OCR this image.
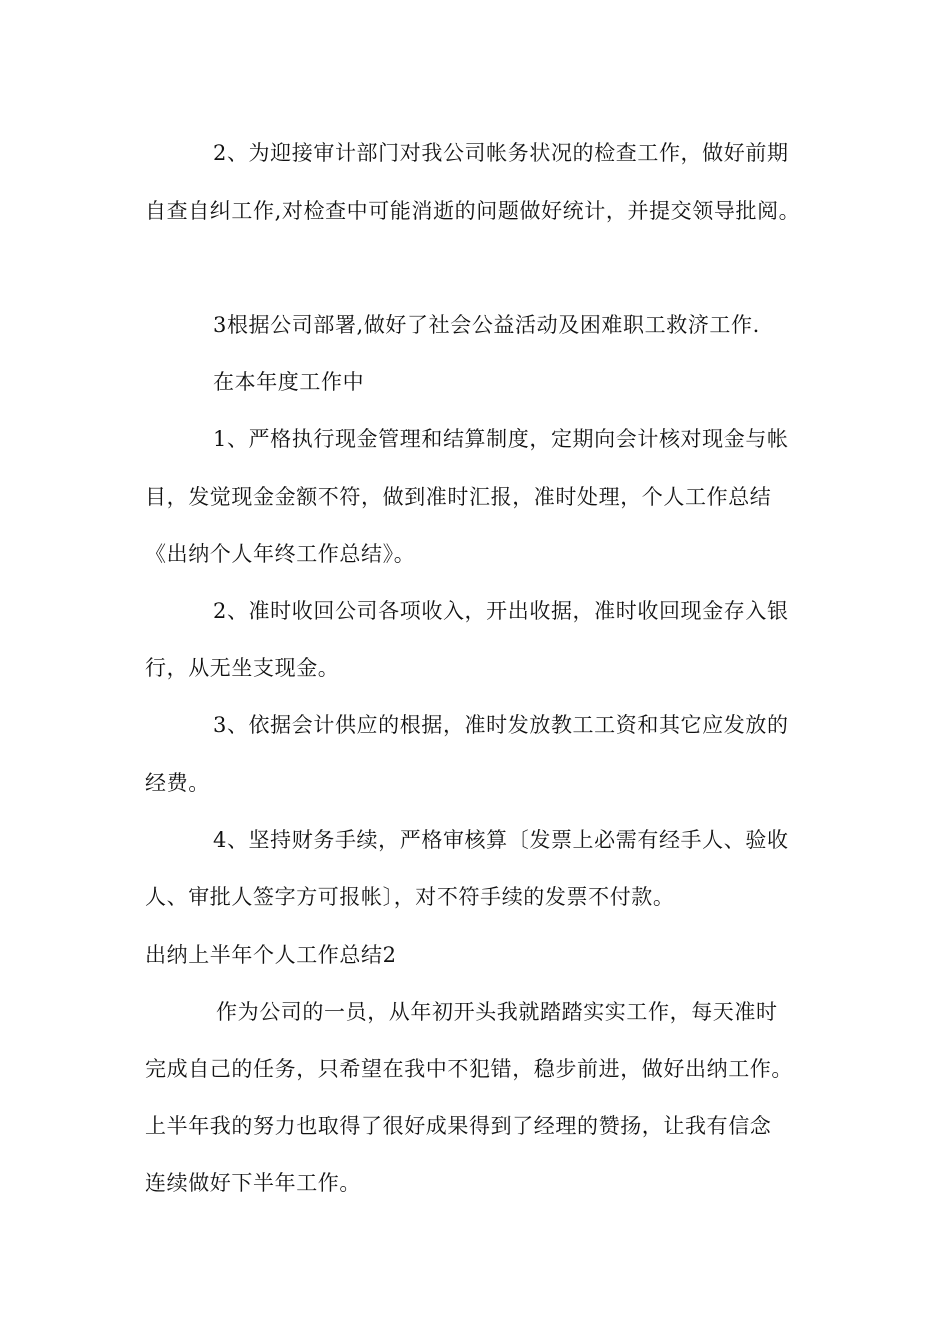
2、为迎接审计部门对我公司帐务状况的检查工作，做好前期
自查自纠工作,对检查中可能消逝的问题做好统计，并提交领导批阅。
3根据公司部署,做好了社会公益活动及困难职工救济工作.
在本年度工作中
1、严格执行现金管理和结算制度，定期向会计核对现金与帐
目，发觉现金金额不符，做到准时汇报，准时处理，个人工作总结
《出纳个人年终工作总结》。
2、准时收回公司各项收入，开出收据，准时收回现金存入银
行，从无坐支现金。
3、依据会计供应的根据，准时发放教工工资和其它应发放的
经费。
4、坚持财务手续，严格审核算〔发票上必需有经手人、验收
人、审批人签字方可报帐〕，对不符手续的发票不付款。
出纳上半年个人工作总结2
作为公司的一员，从年初开头我就踏踏实实工作，每天准时
完成自己的任务，只希望在我中不犯错，稳步前进，做好出纳工作。
上半年我的努力也取得了很好成果得到了经理的赞扬，让我有信念
连续做好下半年工作。
